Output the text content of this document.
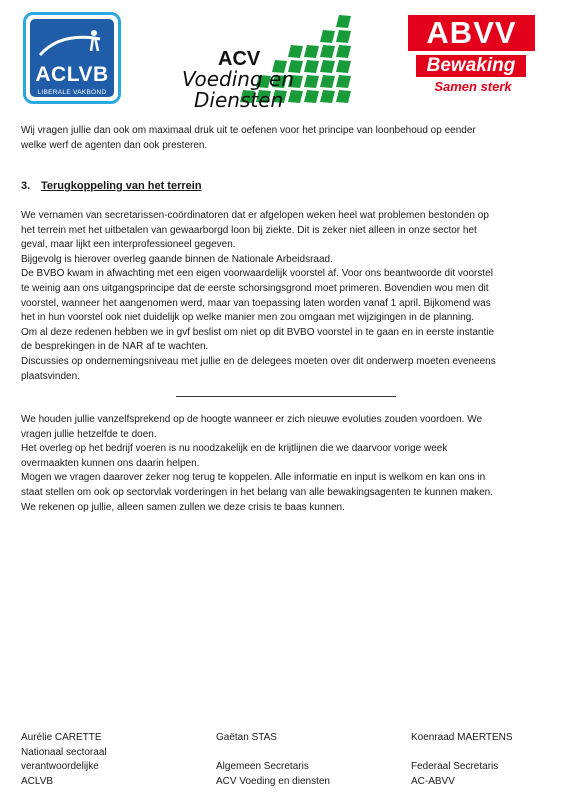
ACLVB
LIBERALE VAKBOND
ACV
Voeding en
Diensten
ABVV
Bewaking
Samen sterk
Wij vragen jullie dan ook om maximaal druk uit te oefenen voor het principe van loonbehoud op eender
welke werf de agenten dan ook presteren.
3. Terugkoppeling van het terrein
We vernamen van secretarissen-coördinatoren dat er afgelopen weken heel wat problemen bestonden op
het terrein met het uitbetalen van gewaarborgd loon bij ziekte. Dit is zeker niet alleen in onze sector het
geval, maar lijkt een interprofessioneel gegeven.
Bijgevolg is hierover overleg gaande binnen de Nationale Arbeidsraad.
De BVBO kwam in afwachting met een eigen voorwaardelijk voorstel af. Voor ons beantwoorde dit voorstel
te weinig aan ons uitgangsprincipe dat de eerste schorsingsgrond moet primeren. Bovendien wou men dit
voorstel, wanneer het aangenomen werd, maar van toepassing laten worden vanaf 1 april. Bijkomend was
het in hun voorstel ook niet duidelijk op welke manier men zou omgaan met wijzigingen in de planning.
Om al deze redenen hebben we in gvf beslist om niet op dit BVBO voorstel in te gaan en in eerste instantie
de besprekingen in de NAR af te wachten.
Discussies op ondernemingsniveau met jullie en de delegees moeten over dit onderwerp moeten eveneens
plaatsvinden.
We houden jullie vanzelfsprekend op de hoogte wanneer er zich nieuwe evoluties zouden voordoen. We
vragen jullie hetzelfde te doen.
Het overleg op het bedrijf voeren is nu noodzakelijk en de krijtlijnen die we daarvoor vorige week
overmaakten kunnen ons daarin helpen.
Mogen we vragen daarover zeker nog terug te koppelen. Alle informatie en input is welkom en kan ons in
staat stellen om ook op sectorvlak vorderingen in het belang van alle bewakingsagenten te kunnen maken.
We rekenen op jullie, alleen samen zullen we deze crisis te baas kunnen.
Aurélie CARETTE
Nationaal sectoraal
verantwoordelijke
ACLVB
Gaëtan STAS

Algemeen Secretaris
ACV Voeding en diensten
Koenraad MAERTENS

Federaal Secretaris
AC-ABVV
